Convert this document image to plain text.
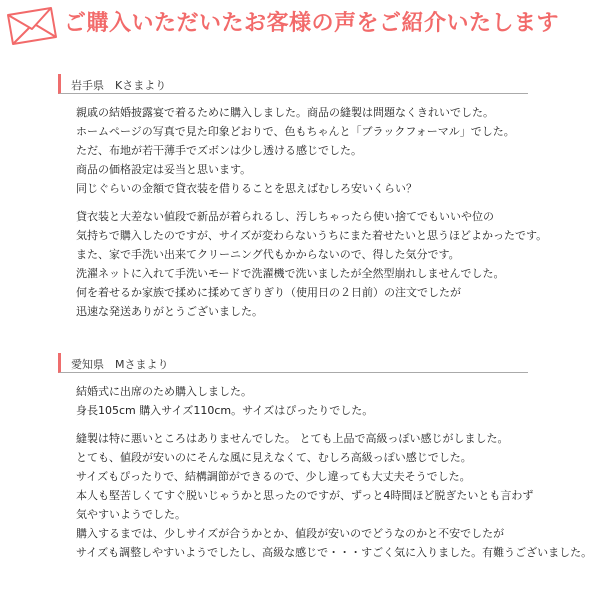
ご購入いただいたお客様の声をご紹介いたします
岩手県　Kさまより
親戚の結婚披露宴で着るために購入しました。商品の縫製は問題なくきれいでした。
ホームページの写真で見た印象どおりで、色もちゃんと「ブラックフォーマル」でした。
ただ、布地が若干薄手でズボンは少し透ける感じでした。
商品の価格設定は妥当と思います。
同じぐらいの金額で貸衣装を借りることを思えばむしろ安いくらい？
貸衣装と大差ない値段で新品が着られるし、汚しちゃったら使い捨てでもいいや位の
気持ちで購入したのですが、サイズが変わらないうちにまた着せたいと思うほどよかったです。
また、家で手洗い出来てクリーニング代もかからないので、得した気分です。
洗濯ネットに入れて手洗いモードで洗濯機で洗いましたが全然型崩れしませんでした。
何を着せるか家族で揉めに揉めてぎりぎり（使用日の２日前）の注文でしたが
迅速な発送ありがとうございました。
愛知県　Mさまより
結婚式に出席のため購入しました。
身長105cm 購入サイズ110cm。サイズはぴったりでした。
縫製は特に悪いところはありませんでした。 とても上品で高級っぽい感じがしました。
とても、値段が安いのにそんな風に見えなくて、むしろ高級っぽい感じでした。
サイズもぴったりで、結構調節ができるので、少し違っても大丈夫そうでした。
本人も堅苦しくてすぐ脱いじゃうかと思ったのですが、ずっと4時間ほど脱ぎたいとも言わず
気やすいようでした。
購入するまでは、少しサイズが合うかとか、値段が安いのでどうなのかと不安でしたが
サイズも調整しやすいようでしたし、高級な感じで・・・すごく気に入りました。有難うございました。
